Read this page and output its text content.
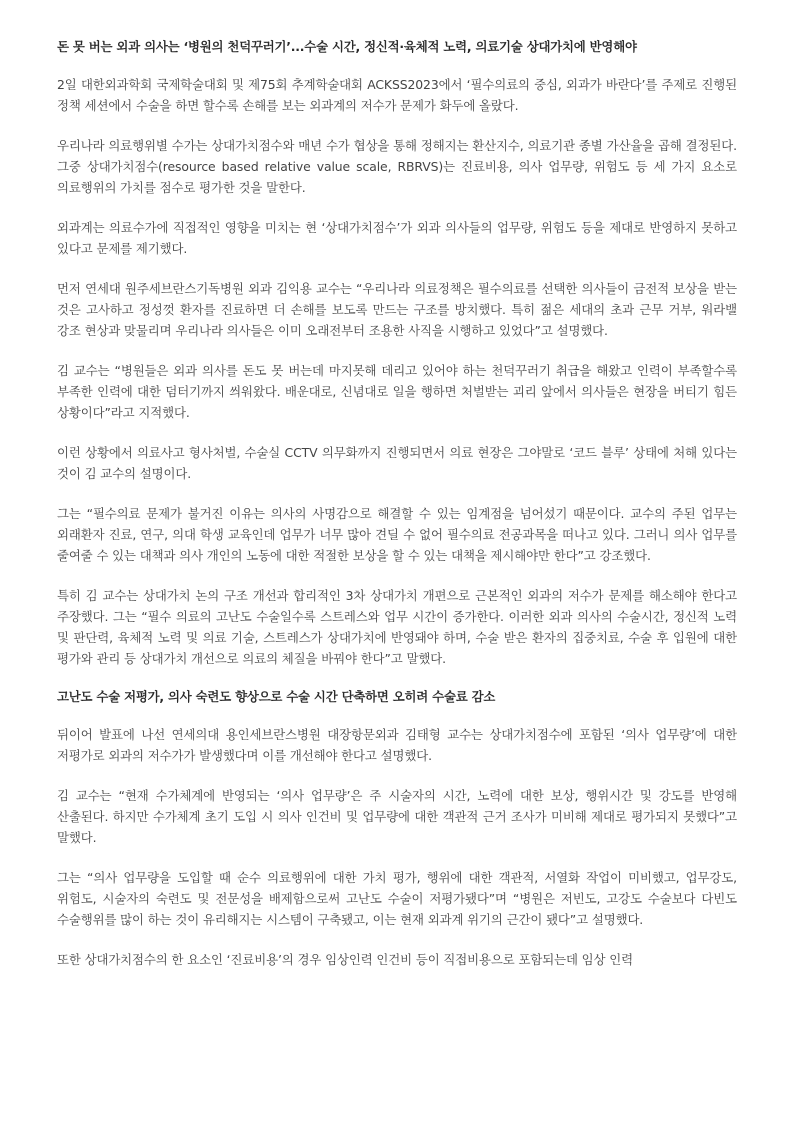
돈 못 버는 외과 의사는 ‘병원의 천덕꾸러기’...수술 시간, 정신적·육체적 노력, 의료기술 상대가치에 반영해야

2일 대한외과학회 국제학술대회 및 제75회 추계학술대회 ACKSS2023에서 ‘필수의료의 중심, 외과가 바란다’를 주제로 진행된 정책 세션에서 수술을 하면 할수록 손해를 보는 외과계의 저수가 문제가 화두에 올랐다.

우리나라 의료행위별 수가는 상대가치점수와 매년 수가 협상을 통해 정해지는 환산지수, 의료기관 종별 가산율을 곱해 결정된다. 그중 상대가치점수(resource based relative value scale, RBRVS)는 진료비용, 의사 업무량, 위험도 등 세 가지 요소로 의료행위의 가치를 점수로 평가한 것을 말한다.

외과계는 의료수가에 직접적인 영향을 미치는 현 ‘상대가치점수’가 외과 의사들의 업무량, 위험도 등을 제대로 반영하지 못하고 있다고 문제를 제기했다.

먼저 연세대 원주세브란스기독병원 외과 김익용 교수는 “우리나라 의료정책은 필수의료를 선택한 의사들이 금전적 보상을 받는 것은 고사하고 정성껏 환자를 진료하면 더 손해를 보도록 만드는 구조를 방치했다. 특히 젊은 세대의 초과 근무 거부, 워라밸 강조 현상과 맞물리며 우리나라 의사들은 이미 오래전부터 조용한 사직을 시행하고 있었다”고 설명했다.

김 교수는 “병원들은 외과 의사를 돈도 못 버는데 마지못해 데리고 있어야 하는 천덕꾸러기 취급을 해왔고 인력이 부족할수록 부족한 인력에 대한 덤터기까지 씌워왔다. 배운대로, 신념대로 일을 행하면 처벌받는 괴리 앞에서 의사들은 현장을 버티기 힘든 상황이다”라고 지적했다.

이런 상황에서 의료사고 형사처벌, 수술실 CCTV 의무화까지 진행되면서 의료 현장은 그야말로 ‘코드 블루’ 상태에 처해 있다는 것이 김 교수의 설명이다.

그는 “필수의료 문제가 불거진 이유는 의사의 사명감으로 해결할 수 있는 임계점을 넘어섰기 때문이다. 교수의 주된 업무는 외래환자 진료, 연구, 의대 학생 교육인데 업무가 너무 많아 견딜 수 없어 필수의료 전공과목을 떠나고 있다. 그러니 의사 업무를 줄여줄 수 있는 대책과 의사 개인의 노동에 대한 적절한 보상을 할 수 있는 대책을 제시해야만 한다”고 강조했다.

특히 김 교수는 상대가치 논의 구조 개선과 합리적인 3차 상대가치 개편으로 근본적인 외과의 저수가 문제를 해소해야 한다고 주장했다. 그는 “필수 의료의 고난도 수술일수록 스트레스와 업무 시간이 증가한다. 이러한 외과 의사의 수술시간, 정신적 노력 및 판단력, 육체적 노력 및 의료 기술, 스트레스가 상대가치에 반영돼야 하며, 수술 받은 환자의 집중치료, 수술 후 입원에 대한 평가와 관리 등 상대가치 개선으로 의료의 체질을 바꿔야 한다”고 말했다.

고난도 수술 저평가, 의사 숙련도 향상으로 수술 시간 단축하면 오히려 수술료 감소

뒤이어 발표에 나선 연세의대 용인세브란스병원 대장항문외과 김태형 교수는 상대가치점수에 포함된 ‘의사 업무량’에 대한 저평가로 외과의 저수가가 발생했다며 이를 개선해야 한다고 설명했다.

김 교수는 “현재 수가체계에 반영되는 ‘의사 업무량’은 주 시술자의 시간, 노력에 대한 보상, 행위시간 및 강도를 반영해 산출된다. 하지만 수가체계 초기 도입 시 의사 인건비 및 업무량에 대한 객관적 근거 조사가 미비해 제대로 평가되지 못했다”고 말했다.

그는 “의사 업무량을 도입할 때 순수 의료행위에 대한 가치 평가, 행위에 대한 객관적, 서열화 작업이 미비했고, 업무강도, 위험도, 시술자의 숙련도 및 전문성을 배제함으로써 고난도 수술이 저평가됐다”며 “병원은 저빈도, 고강도 수술보다 다빈도 수술행위를 많이 하는 것이 유리해지는 시스템이 구축됐고, 이는 현재 외과계 위기의 근간이 됐다”고 설명했다.

또한 상대가치점수의 한 요소인 ‘진료비용’의 경우 임상인력 인건비 등이 직접비용으로 포함되는데 임상 인력
